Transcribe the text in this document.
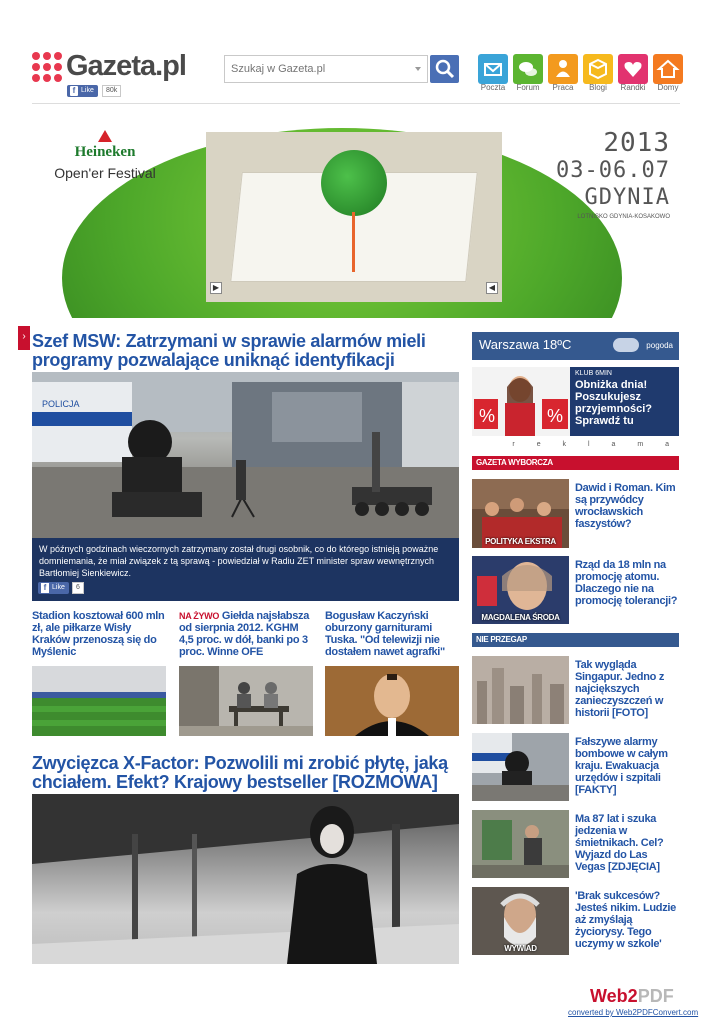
Gazeta.pl
f Like	80k
Szukaj w Gazeta.pl	Poczta	Forum	Praca	Blogi	Randki	Domy
Heineken
Open'er Festival
▶	◀
2013
03-06.07
GDYNIA
LOTNISKO GDYNIA-KOSAKOWO
› Szef MSW: Zatrzymani w sprawie alarmów mieli programy pozwalające uniknąć identyfikacji
POLICJA
W późnych godzinach wieczornych zatrzymany został drugi osobnik, co do którego istnieją poważne domniemania, że miał związek z tą sprawą - powiedział w Radiu ZET minister spraw wewnętrznych Bartłomiej Sienkiewicz.
f Like	6
Stadion kosztował 600 mln zł, ale piłkarze Wisły Kraków przenoszą się do Myślenic
NA ŻYWO Giełda najsłabsza od sierpnia 2012. KGHM 4,5 proc. w dół, banki po 3 proc. Winne OFE
Bogusław Kaczyński oburzony garniturami Tuska. "Od telewizji nie dostałem nawet agrafki"
Zwycięzca X-Factor: Pozwolili mi zrobić płytę, jaką chciałem. Efekt? Krajowy bestseller [ROZMOWA]
Warszawa 18ºC	pogoda
%	%
KLUB 6MIN
Obniżka dnia! Poszukujesz przyjemności? Sprawdź tu
r e k l a m a
GAZETA WYBORCZA
POLITYKA EKSTRA
Dawid i Roman. Kim są przywódcy wrocławskich faszystów?
MAGDALENA ŚRODA
Rząd da 18 mln na promocję atomu. Dlaczego nie na promocję tolerancji?
NIE PRZEGAP
Tak wygląda Singapur. Jedno z najciększych zanieczyszczeń w historii [FOTO]
Fałszywe alarmy bombowe w całym kraju. Ewakuacja urzędów i szpitali [FAKTY]
Ma 87 lat i szuka jedzenia w śmietnikach. Cel? Wyjazd do Las Vegas [ZDJĘCIA]
WYWIAD
'Brak sukcesów? Jesteś nikim. Ludzie aż zmyślają życiorysy. Tego uczymy w szkole'
Web2PDF
converted by Web2PDFConvert.com
